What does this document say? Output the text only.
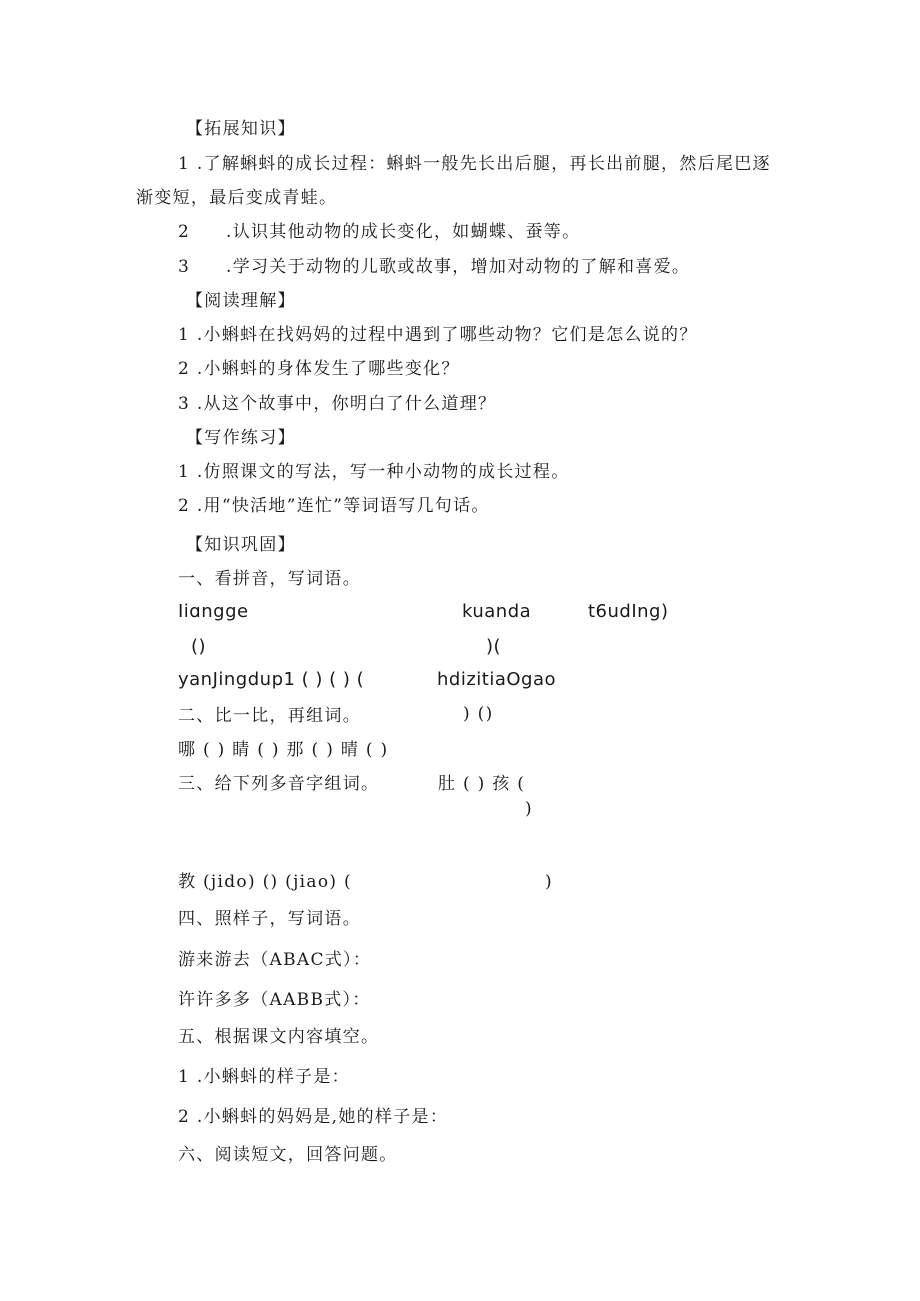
【拓展知识】
1 .了解蝌蚪的成长过程：蝌蚪一般先长出后腿，再长出前腿，然后尾巴逐
渐变短，最后变成青蛙。
2 .认识其他动物的成长变化，如蝴蝶、蚕等。
3 .学习关于动物的儿歌或故事，增加对动物的了解和喜爱。
【阅读理解】
1 .小蝌蚪在找妈妈的过程中遇到了哪些动物？它们是怎么说的？
2 .小蝌蚪的身体发生了哪些变化？
3 .从这个故事中，你明白了什么道理？
【写作练习】
1 .仿照课文的写法，写一种小动物的成长过程。
2 .用“快活地”连忙”等词语写几句话。
【知识巩固】
一、看拼音，写词语。
Iiɑngge	kuanda	t6udIng)
()	)(
yanJingdup1 ( ) ( ) (	hdizitiaOgao
二、比一比，再组词。	) ()
哪 ( ) 睛 ( ) 那 ( ) 晴 ( )
三、给下列多音字组词。	肚 ( ) 孩 (
)
教 (jido) () (jiao) (	)
四、照样子，写词语。
游来游去（ABAC式）：
许许多多（AABB式）：
五、根据课文内容填空。
1 .小蝌蚪的样子是：
2 .小蝌蚪的妈妈是,她的样子是：
六、阅读短文，回答问题。
